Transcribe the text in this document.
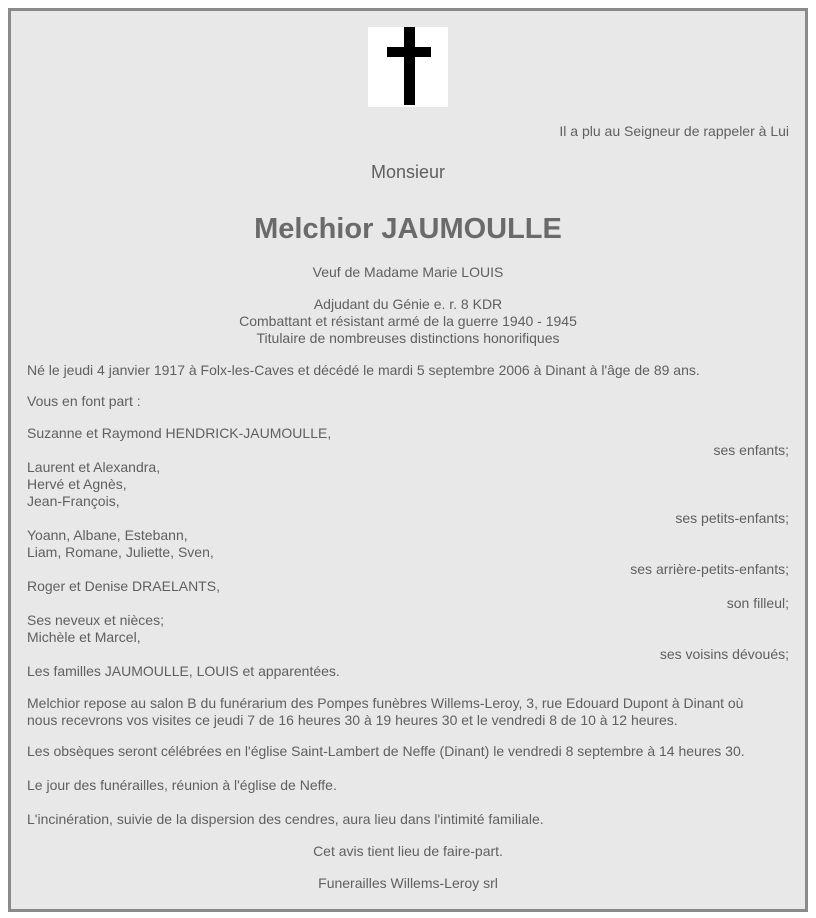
Il a plu au Seigneur de rappeler à Lui
Monsieur
Melchior JAUMOULLE
Veuf de Madame Marie LOUIS
Adjudant du Génie e. r. 8 KDR
Combattant et résistant armé de la guerre 1940 - 1945
Titulaire de nombreuses distinctions honorifiques
Né le jeudi 4 janvier 1917 à Folx-les-Caves et décédé le mardi 5 septembre 2006 à Dinant à l'âge de 89 ans.
Vous en font part :
Suzanne et Raymond HENDRICK-JAUMOULLE,
ses enfants;
Laurent et Alexandra,
Hervé et Agnès,
Jean-François,
ses petits-enfants;
Yoann, Albane, Estebann,
Liam, Romane, Juliette, Sven,
ses arrière-petits-enfants;
Roger et Denise DRAELANTS,
son filleul;
Ses neveux et nièces;
Michèle et Marcel,
ses voisins dévoués;
Les familles JAUMOULLE, LOUIS et apparentées.
Melchior repose au salon B du funérarium des Pompes funèbres Willems-Leroy, 3, rue Edouard Dupont à Dinant où
nous recevrons vos visites ce jeudi 7 de 16 heures 30 à 19 heures 30 et le vendredi 8 de 10 à 12 heures.
Les obsèques seront célébrées en l'église Saint-Lambert de Neffe (Dinant) le vendredi 8 septembre à 14 heures 30.
Le jour des funérailles, réunion à l'église de Neffe.
L'incinération, suivie de la dispersion des cendres, aura lieu dans l'intimité familiale.
Cet avis tient lieu de faire-part.
Funerailles Willems-Leroy srl
